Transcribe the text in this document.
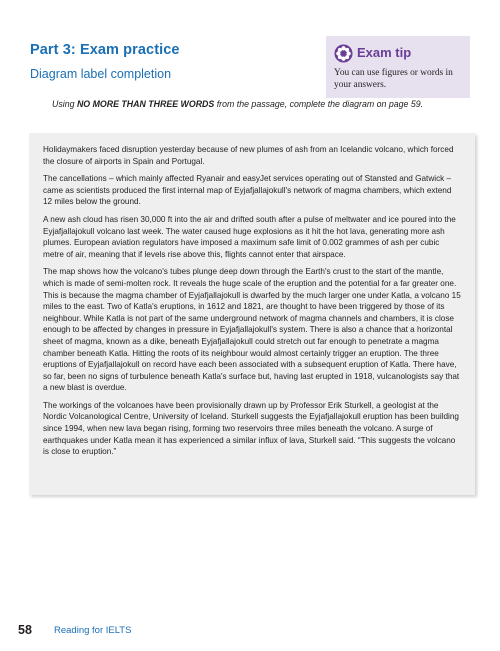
Part 3: Exam practice
Diagram label completion
Exam tip
You can use figures or words in your answers.
Using NO MORE THAN THREE WORDS from the passage, complete the diagram on page 59.

Holidaymakers faced disruption yesterday because of new plumes of ash from an Icelandic volcano, which forced the closure of airports in Spain and Portugal.

The cancellations – which mainly affected Ryanair and easyJet services operating out of Stansted and Gatwick – came as scientists produced the first internal map of Eyjafjallajokull's network of magma chambers, which extend 12 miles below the ground.

A new ash cloud has risen 30,000 ft into the air and drifted south after a pulse of meltwater and ice poured into the Eyjafjallajokull volcano last week. The water caused huge explosions as it hit the hot lava, generating more ash plumes. European aviation regulators have imposed a maximum safe limit of 0.002 grammes of ash per cubic metre of air, meaning that if levels rise above this, flights cannot enter that airspace.

The map shows how the volcano's tubes plunge deep down through the Earth's crust to the start of the mantle, which is made of semi-molten rock. It reveals the huge scale of the eruption and the potential for a far greater one. This is because the magma chamber of Eyjafjallajokull is dwarfed by the much larger one under Katla, a volcano 15 miles to the east. Two of Katla's eruptions, in 1612 and 1821, are thought to have been triggered by those of its neighbour. While Katla is not part of the same underground network of magma channels and chambers, it is close enough to be affected by changes in pressure in Eyjafjallajokull's system. There is also a chance that a horizontal sheet of magma, known as a dike, beneath Eyjafjallajokull could stretch out far enough to penetrate a magma chamber beneath Katla. Hitting the roots of its neighbour would almost certainly trigger an eruption. The three eruptions of Eyjafjallajokull on record have each been associated with a subsequent eruption of Katla. There have, so far, been no signs of turbulence beneath Katla's surface but, having last erupted in 1918, vulcanologists say that a new blast is overdue.

The workings of the volcanoes have been provisionally drawn up by Professor Erik Sturkell, a geologist at the Nordic Volcanological Centre, University of Iceland. Sturkell suggests the Eyjafjallajokull eruption has been building since 1994, when new lava began rising, forming two reservoirs three miles beneath the volcano. A surge of earthquakes under Katla mean it has experienced a similar influx of lava, Sturkell said. “This suggests the volcano is close to eruption.”

58 Reading for IELTS
